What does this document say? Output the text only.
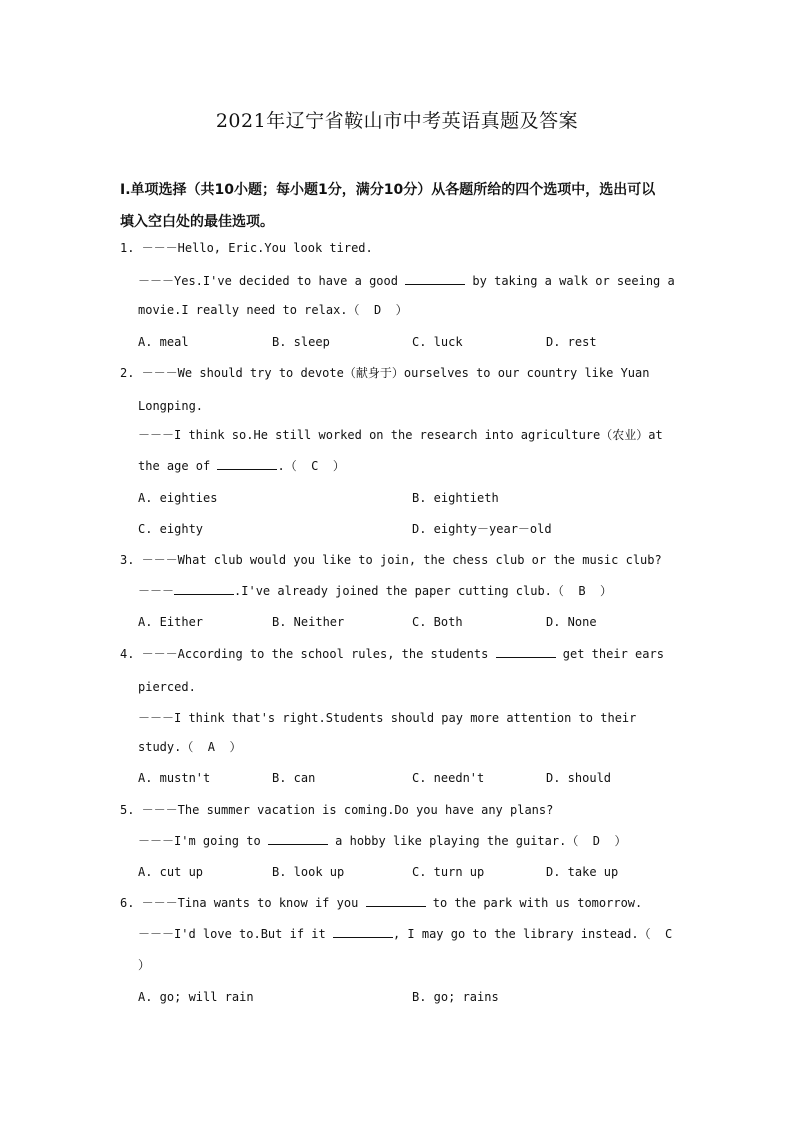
2021年辽宁省鞍山市中考英语真题及答案
Ⅰ.单项选择（共10小题；每小题1分，满分10分）从各题所给的四个选项中，选出可以
填入空白处的最佳选项。
1. －－－Hello, Eric.You look tired.
－－－Yes.I've decided to have a good	by taking a walk or seeing a
movie.I really need to relax.（  D  ）
A. meal	B. sleep	C. luck	D. rest
2. －－－We should try to devote（献身于）ourselves to our country like Yuan
Longping.
－－－I think so.He still worked on the research into agriculture（农业）at
the age of	.（  C  ）
A. eighties	B. eightieth
C. eighty	D. eighty－year－old
3. －－－What club would you like to join, the chess club or the music club?
－－－	.I've already joined the paper cutting club.（  B  ）
A. Either	B. Neither	C. Both	D. None
4. －－－According to the school rules, the students	get their ears
pierced.
－－－I think that's right.Students should pay more attention to their
study.（  A  ）
A. mustn't	B. can	C. needn't	D. should
5. －－－The summer vacation is coming.Do you have any plans?
－－－I'm going to	a hobby like playing the guitar.（  D  ）
A. cut up	B. look up	C. turn up	D. take up
6. －－－Tina wants to know if you	to the park with us tomorrow.
－－－I'd love to.But if it	, I may go to the library instead.（  C
）
A. go; will rain	B. go; rains
